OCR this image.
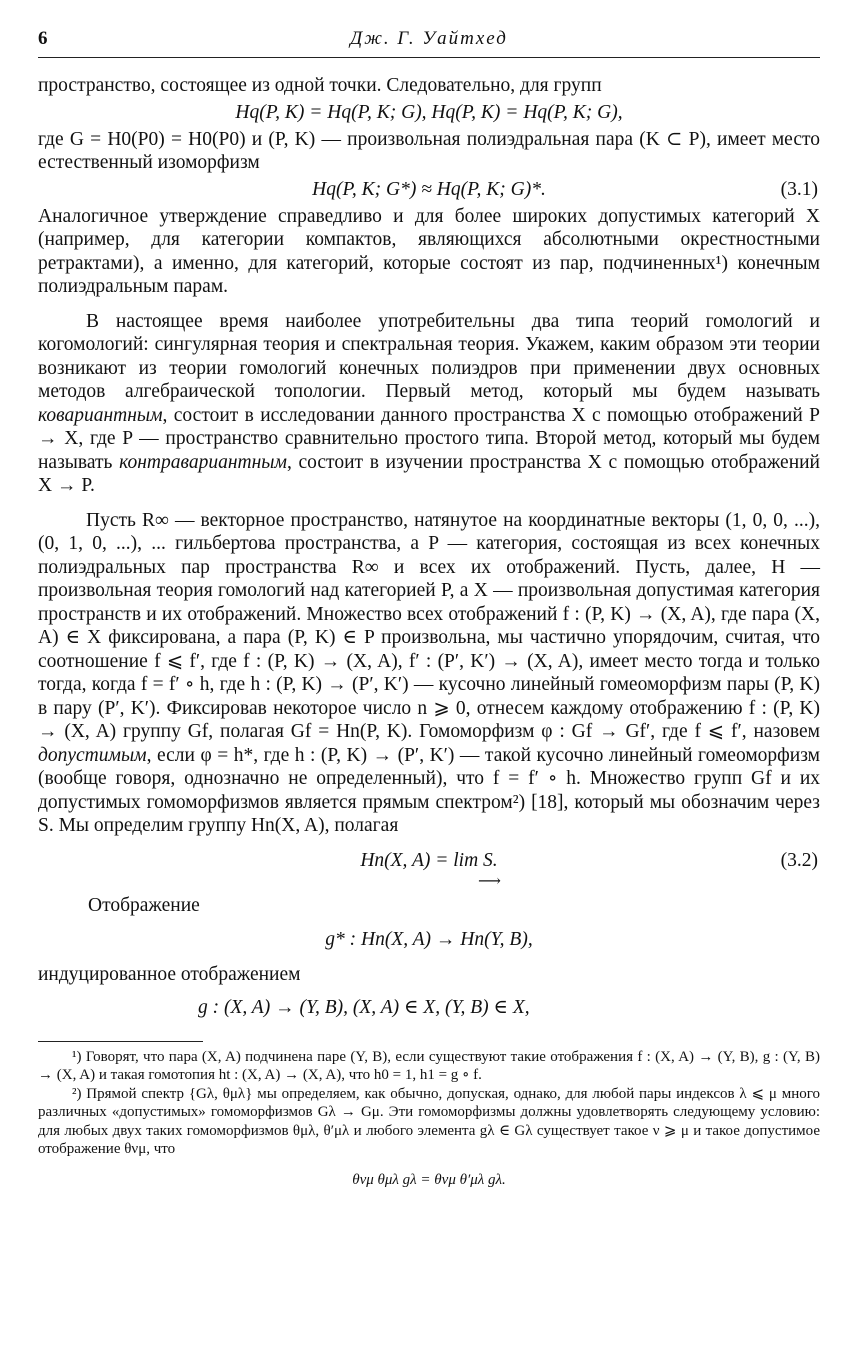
6	Дж. Г. Уайтхед

пространство, состоящее из одной точки. Следовательно, для групп

Hq(P, K) = Hq(P, K; G), Hq(P, K) = Hq(P, K; G),

где G = H0(P0) = H0(P0) и (P, K) — произвольная полиэдральная пара (K ⊂ P), имеет место естественный изоморфизм

Hq(P, K; G*) ≈ Hq(P, K; G)*.	(3.1)

Аналогичное утверждение справедливо и для более широких допустимых категорий X (например, для категории компактов, являющихся абсолютными окрестностными ретрактами), а именно, для категорий, которые состоят из пар, подчиненных¹) конечным полиэдральным парам.

В настоящее время наиболее употребительны два типа теорий гомологий и когомологий: сингулярная теория и спектральная теория. Укажем, каким образом эти теории возникают из теории гомологий конечных полиэдров при применении двух основных методов алгебраической топологии. Первый метод, который мы будем называть ковариантным, состоит в исследовании данного пространства X с помощью отображений P → X, где P — пространство сравнительно простого типа. Второй метод, который мы будем называть контравариантным, состоит в изучении пространства X с помощью отображений X → P.

Пусть R∞ — векторное пространство, натянутое на координатные векторы (1, 0, 0, ...), (0, 1, 0, ...), ... гильбертова пространства, а P — категория, состоящая из всех конечных полиэдральных пар пространства R∞ и всех их отображений. Пусть, далее, H — произвольная теория гомологий над категорией P, а X — произвольная допустимая категория пространств и их отображений. Множество всех отображений f : (P, K) → (X, A), где пара (X, A) ∈ X фиксирована, а пара (P, K) ∈ P произвольна, мы частично упорядочим, считая, что соотношение f ⩽ f′, где f : (P, K) → (X, A), f′ : (P′, K′) → (X, A), имеет место тогда и только тогда, когда f = f′ ∘ h, где h : (P, K) → (P′, K′) — кусочно линейный гомеоморфизм пары (P, K) в пару (P′, K′). Фиксировав некоторое число n ⩾ 0, отнесем каждому отображению f : (P, K) → (X, A) группу Gf, полагая Gf = Hn(P, K). Гомоморфизм φ : Gf → Gf′, где f ⩽ f′, назовем допустимым, если φ = h*, где h : (P, K) → (P′, K′) — такой кусочно линейный гомеоморфизм (вообще говоря, однозначно не определенный), что f = f′ ∘ h. Множество групп Gf и их допустимых гомоморфизмов является прямым спектром²) [18], который мы обозначим через S. Мы определим группу Hn(X, A), полагая

Hn(X, A) = lim S.
⟶
(3.2)

Отображение

g* : Hn(X, A) → Hn(Y, B),

индуцированное отображением

g : (X, A) → (Y, B), (X, A) ∈ X, (Y, B) ∈ X,

¹) Говорят, что пара (X, A) подчинена паре (Y, B), если существуют такие отображения f : (X, A) → (Y, B), g : (Y, B) → (X, A) и такая гомотопия ht : (X, A) → (X, A), что h0 = 1, h1 = g ∘ f.

²) Прямой спектр {Gλ, θμλ} мы определяем, как обычно, допуская, однако, для любой пары индексов λ ⩽ μ много различных «допустимых» гомоморфизмов Gλ → Gμ. Эти гомоморфизмы должны удовлетворять следующему условию: для любых двух таких гомоморфизмов θμλ, θ′μλ и любого элемента gλ ∈ Gλ существует такое ν ⩾ μ и такое допустимое отображение θνμ, что

θνμ θμλ gλ = θνμ θ′μλ gλ.
